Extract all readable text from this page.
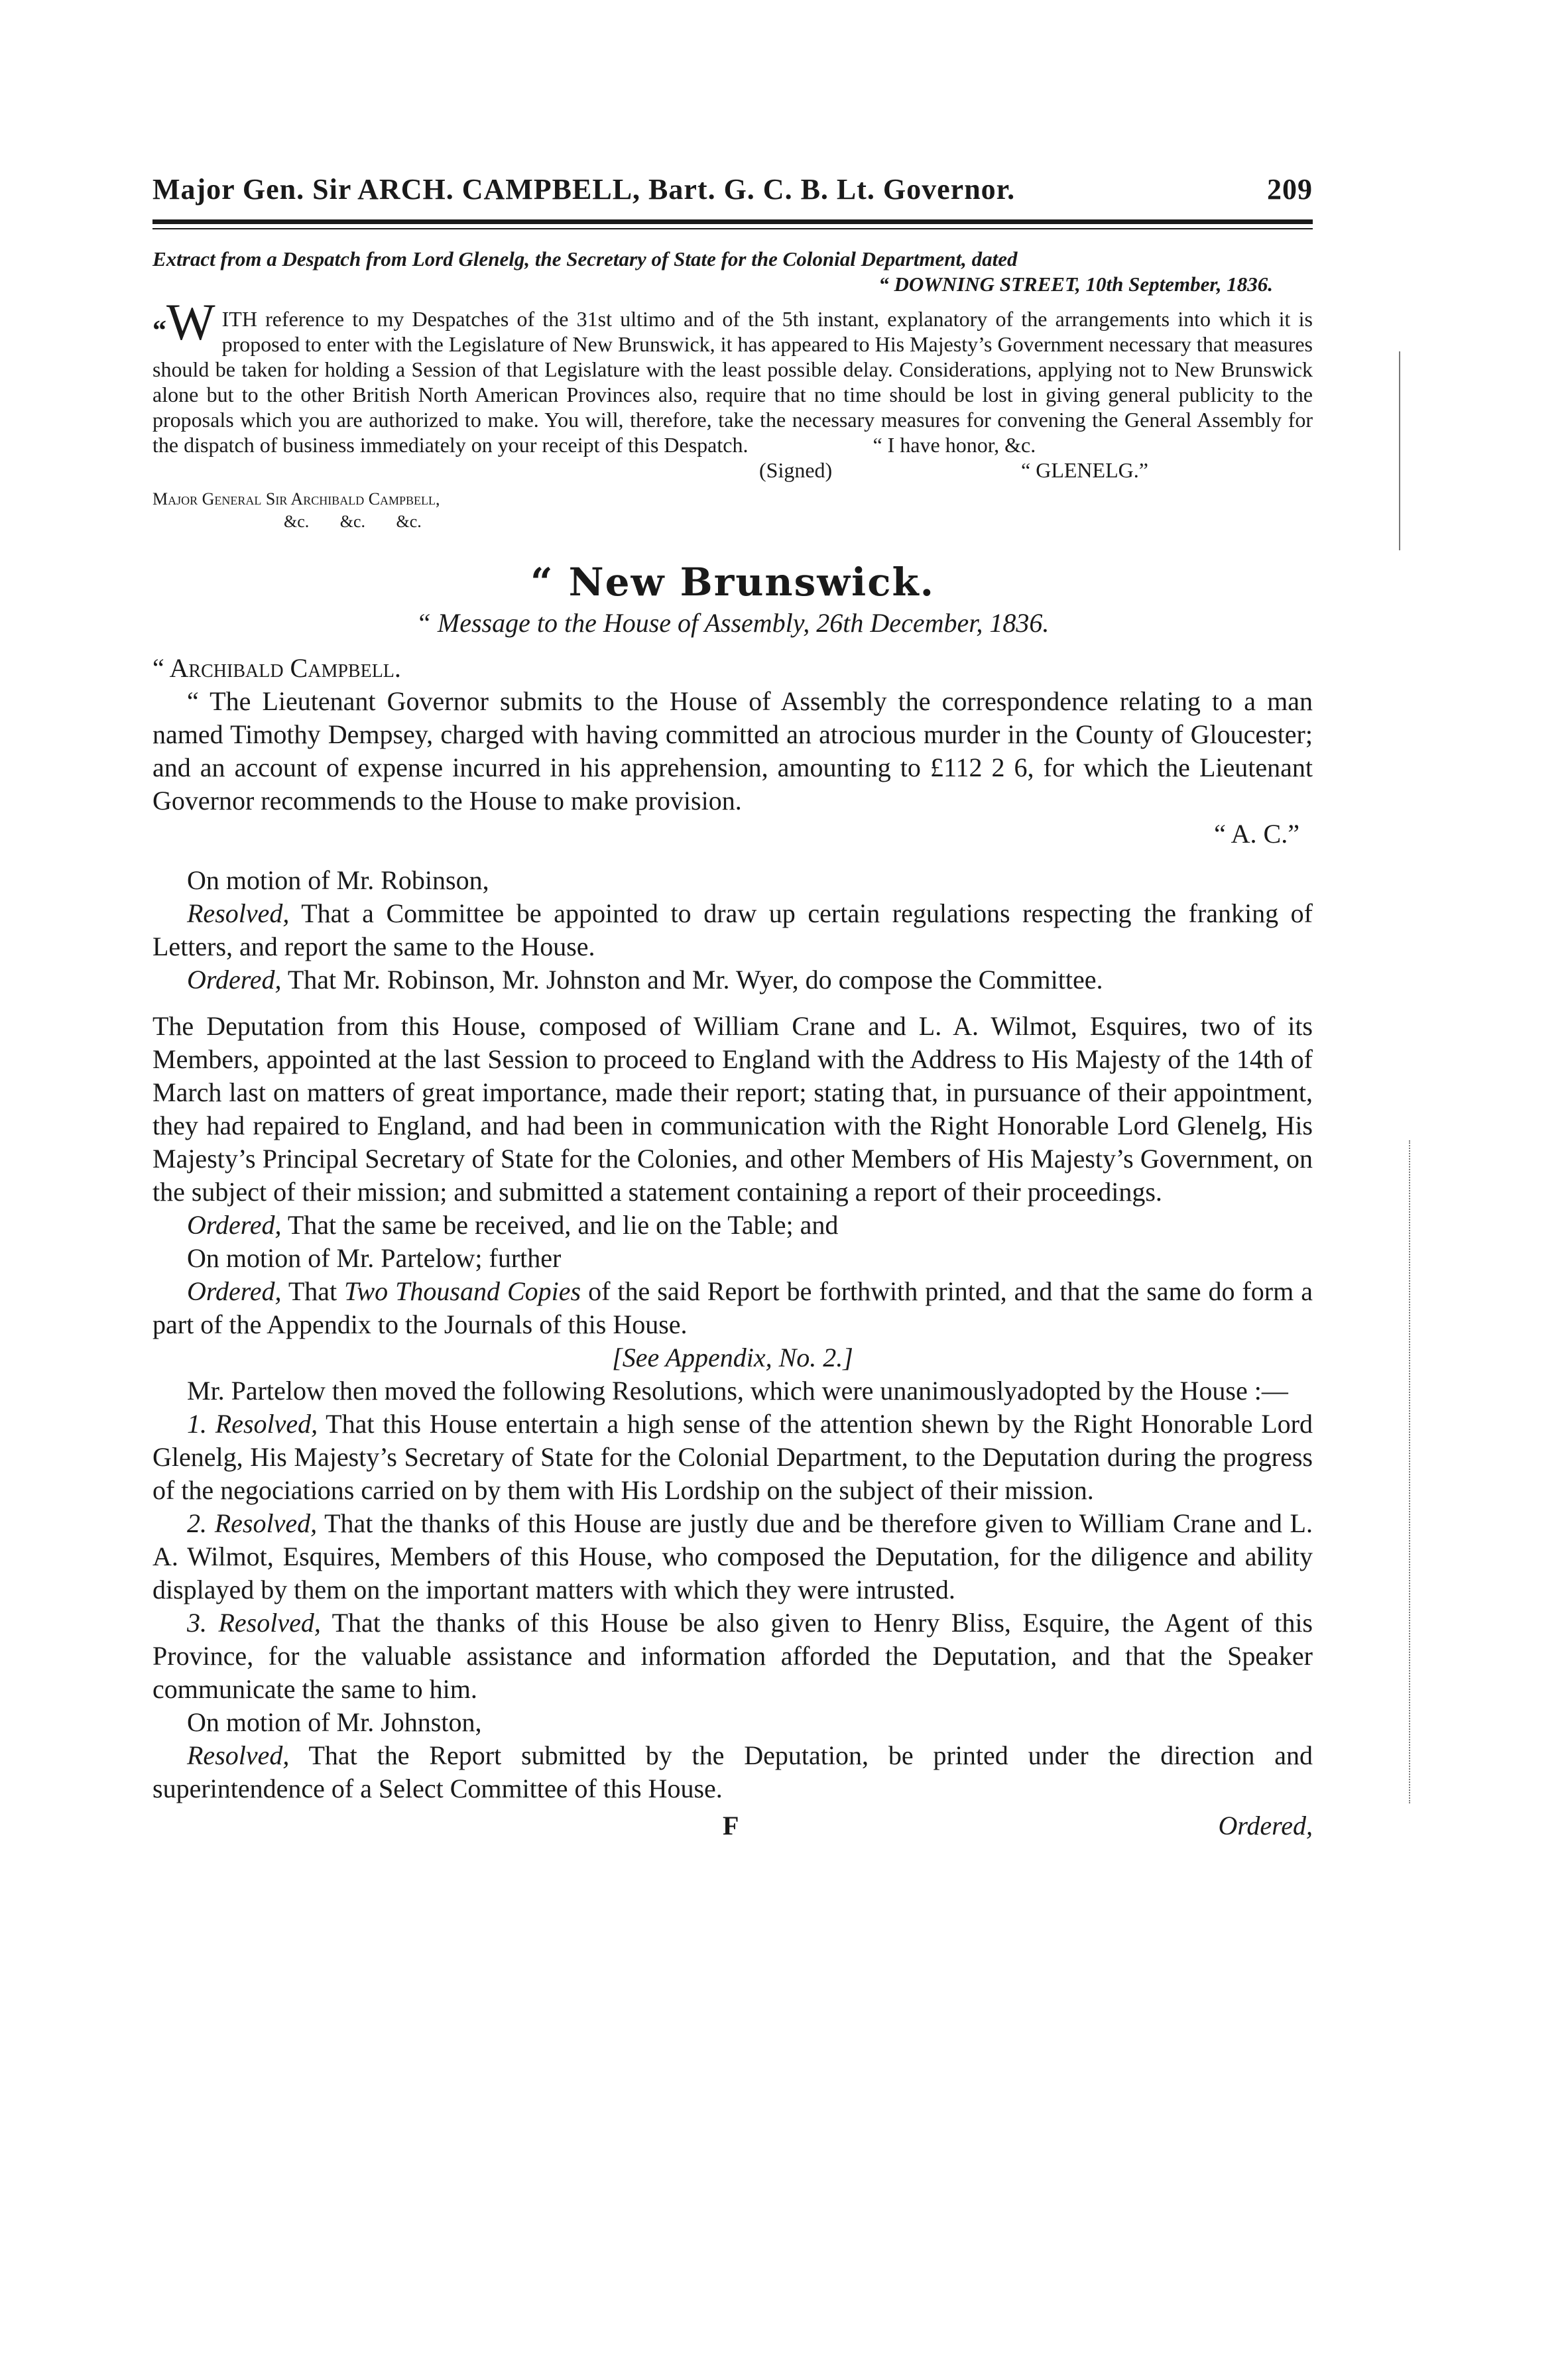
Major Gen. Sir ARCH. CAMPBELL, Bart. G. C. B. Lt. Governor.	209
Extract from a Despatch from Lord Glenelg, the Secretary of State for the Colonial Department, dated
“ DOWNING STREET, 10th September, 1836.
“W ITH reference to my Despatches of the 31st ultimo and of the 5th instant, explanatory of the arrangements into which it is proposed to enter with the Legislature of New Brunswick, it has appeared to His Majesty’s Government necessary that measures should be taken for holding a Session of that Legislature with the least possible delay. Considerations, applying not to New Brunswick alone but to the other British North American Provinces also, require that no time should be lost in giving general publicity to the proposals which you are authorized to make. You will, therefore, take the necessary measures for convening the General Assembly for the dispatch of business immediately on your receipt of this Despatch.	“ I have honor, &c.
(Signed)	“ GLENELG.”
Major General Sir Archibald Campbell,
&c. &c. &c.
“ New Brunswick.
“ Message to the House of Assembly, 26th December, 1836.

“ Archibald Campbell.

“ The Lieutenant Governor submits to the House of Assembly the correspondence relating to a man named Timothy Dempsey, charged with having committed an atrocious murder in the County of Gloucester; and an account of expense incurred in his apprehension, amounting to £112 2 6, for which the Lieutenant Governor recommends to the House to make provision.

“ A. C.”

On motion of Mr. Robinson,

Resolved, That a Committee be appointed to draw up certain regulations respecting the franking of Letters, and report the same to the House.

Ordered, That Mr. Robinson, Mr. Johnston and Mr. Wyer, do compose the Committee.

The Deputation from this House, composed of William Crane and L. A. Wilmot, Esquires, two of its Members, appointed at the last Session to proceed to England with the Address to His Majesty of the 14th of March last on matters of great importance, made their report; stating that, in pursuance of their appointment, they had repaired to England, and had been in communication with the Right Honorable Lord Glenelg, His Majesty’s Principal Secretary of State for the Colonies, and other Members of His Majesty’s Government, on the subject of their mission; and submitted a statement containing a report of their proceedings.

Ordered, That the same be received, and lie on the Table; and

On motion of Mr. Partelow; further

Ordered, That Two Thousand Copies of the said Report be forthwith printed, and that the same do form a part of the Appendix to the Journals of this House.

[See Appendix, No. 2.]

Mr. Partelow then moved the following Resolutions, which were unanimouslyadopted by the House :—

1. Resolved, That this House entertain a high sense of the attention shewn by the Right Honorable Lord Glenelg, His Majesty’s Secretary of State for the Colonial Department, to the Deputation during the progress of the negociations carried on by them with His Lordship on the subject of their mission.

2. Resolved, That the thanks of this House are justly due and be therefore given to William Crane and L. A. Wilmot, Esquires, Members of this House, who composed the Deputation, for the diligence and ability displayed by them on the important matters with which they were intrusted.

3. Resolved, That the thanks of this House be also given to Henry Bliss, Esquire, the Agent of this Province, for the valuable assistance and information afforded the Deputation, and that the Speaker communicate the same to him.

On motion of Mr. Johnston,

Resolved, That the Report submitted by the Deputation, be printed under the direction and superintendence of a Select Committee of this House.

F	Ordered,
